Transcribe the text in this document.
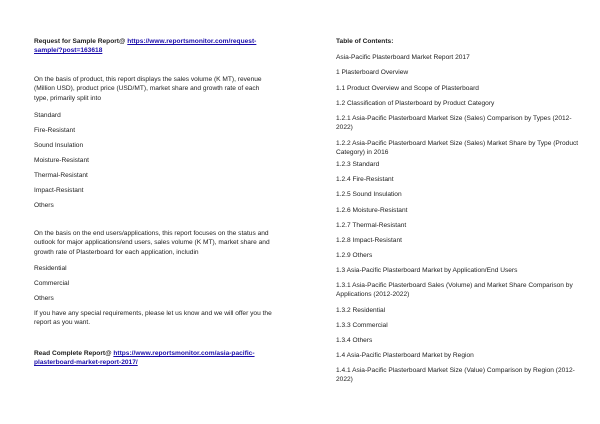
Request for Sample Report@ https://www.reportsmonitor.com/request-sample/?post=163618

On the basis of product, this report displays the sales volume (K MT), revenue (Million USD), product price (USD/MT), market share and growth rate of each type, primarily split into

Standard

Fire-Resistant

Sound Insulation

Moisture-Resistant

Thermal-Resistant

Impact-Resistant

Others

On the basis on the end users/applications, this report focuses on the status and outlook for major applications/end users, sales volume (K MT), market share and growth rate of Plasterboard for each application, includin

Residential

Commercial

Others

If you have any special requirements, please let us know and we will offer you the report as you want.

Read Complete Report@ https://www.reportsmonitor.com/asia-pacific-plasterboard-market-report-2017/

Table of Contents:

Asia-Pacific Plasterboard Market Report 2017

1 Plasterboard Overview

1.1 Product Overview and Scope of Plasterboard

1.2 Classification of Plasterboard by Product Category

1.2.1 Asia-Pacific Plasterboard Market Size (Sales) Comparison by Types (2012-2022)

1.2.2 Asia-Pacific Plasterboard Market Size (Sales) Market Share by Type (Product Category) in 2016

1.2.3 Standard

1.2.4 Fire-Resistant

1.2.5 Sound Insulation

1.2.6 Moisture-Resistant

1.2.7 Thermal-Resistant

1.2.8 Impact-Resistant

1.2.9 Others

1.3 Asia-Pacific Plasterboard Market by Application/End Users

1.3.1 Asia-Pacific Plasterboard Sales (Volume) and Market Share Comparison by Applications (2012-2022)

1.3.2 Residential

1.3.3 Commercial

1.3.4 Others

1.4 Asia-Pacific Plasterboard Market by Region

1.4.1 Asia-Pacific Plasterboard Market Size (Value) Comparison by Region (2012-2022)
